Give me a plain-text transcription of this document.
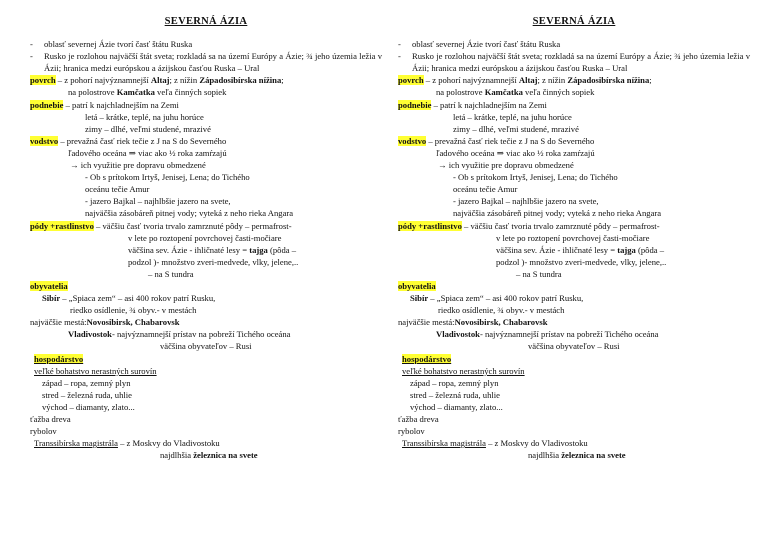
SEVERNÁ ÁZIA
-	oblasť severnej Ázie tvorí časť štátu Ruska
-	Rusko je rozlohou najväčší štát sveta; rozkladá sa na území Európy a Ázie; ¾ jeho územia ležia v Ázii; hranica medzi európskou a ázijskou časťou Ruska – Ural
povrch – z pohorí najvýznamnejší Altaj; z nížin Západosibírska nížina;
na polostrove Kamčatka veľa činných sopiek
podnebie – patrí k najchladnejším na Zemi
letá – krátke, teplé, na juhu horúce
zimy – dlhé, veľmi studené, mrazivé
vodstvo – prevažná časť riek tečie z J na S do Severného
ľadového oceána ⇒ viac ako ½ roka zamŕzajú
→ ich využitie pre dopravu obmedzené
- Ob s prítokom Irtyš, Jenisej, Lena; do Tichého
oceánu tečie Amur
- jazero Bajkal – najhlbšie jazero na svete,
najväčšia zásobáreň pitnej vody; vyteká z neho rieka Angara
pódy +rastlinstvo – väčšiu časť tvoria trvalo zamrznuté pôdy – permafrost-
v lete po roztopení povrchovej časti-močiare
väčšina sev. Ázie - ihličnaté lesy = tajga (pôda –
podzol )- množstvo zveri-medvede, vlky, jelene,..
– na S tundra
obyvatelia
Sibír – „Spiaca zem“ – asi 400 rokov patrí Rusku,
riedko osídlenie, ¾ obyv.- v mestách
najväčšie mestá:Novosibirsk, Chabarovsk
Vladivostok- najvýznamnejší prístav na pobreží Tichého oceána
väčšina obyvateľov – Rusi
hospodárstvo
veľké bohatstvo nerastných surovín
západ – ropa, zemný plyn
stred – železná ruda, uhlie
východ – diamanty, zlato...
ťažba dreva
rybolov
Transsibírska magistrála – z Moskvy do Vladivostoku
najdlhšia železnica na svete
SEVERNÁ ÁZIA
-	oblasť severnej Ázie tvorí časť štátu Ruska
-	Rusko je rozlohou najväčší štát sveta; rozkladá sa na území Európy a Ázie; ¾ jeho územia ležia v Ázii; hranica medzi európskou a ázijskou časťou Ruska – Ural
povrch – z pohorí najvýznamnejší Altaj; z nížin Západosibírska nížina;
na polostrove Kamčatka veľa činných sopiek
podnebie – patrí k najchladnejším na Zemi
letá – krátke, teplé, na juhu horúce
zimy – dlhé, veľmi studené, mrazivé
vodstvo – prevažná časť riek tečie z J na S do Severného
ľadového oceána ⇒ viac ako ½ roka zamŕzajú
→ ich využitie pre dopravu obmedzené
- Ob s prítokom Irtyš, Jenisej, Lena; do Tichého
oceánu tečie Amur
- jazero Bajkal – najhlbšie jazero na svete,
najväčšia zásobáreň pitnej vody; vyteká z neho rieka Angara
pódy +rastlinstvo – väčšiu časť tvoria trvalo zamrznuté pôdy – permafrost-
v lete po roztopení povrchovej časti-močiare
väčšina sev. Ázie - ihličnaté lesy = tajga (pôda –
podzol )- množstvo zveri-medvede, vlky, jelene,..
– na S tundra
obyvatelia
Sibír – „Spiaca zem“ – asi 400 rokov patrí Rusku,
riedko osídlenie, ¾ obyv.- v mestách
najväčšie mestá:Novosibirsk, Chabarovsk
Vladivostok- najvýznamnejší prístav na pobreží Tichého oceána
väčšina obyvateľov – Rusi
hospodárstvo
veľké bohatstvo nerastných surovín
západ – ropa, zemný plyn
stred – železná ruda, uhlie
východ – diamanty, zlato...
ťažba dreva
rybolov
Transsibírska magistrála – z Moskvy do Vladivostoku
najdlhšia železnica na svete
